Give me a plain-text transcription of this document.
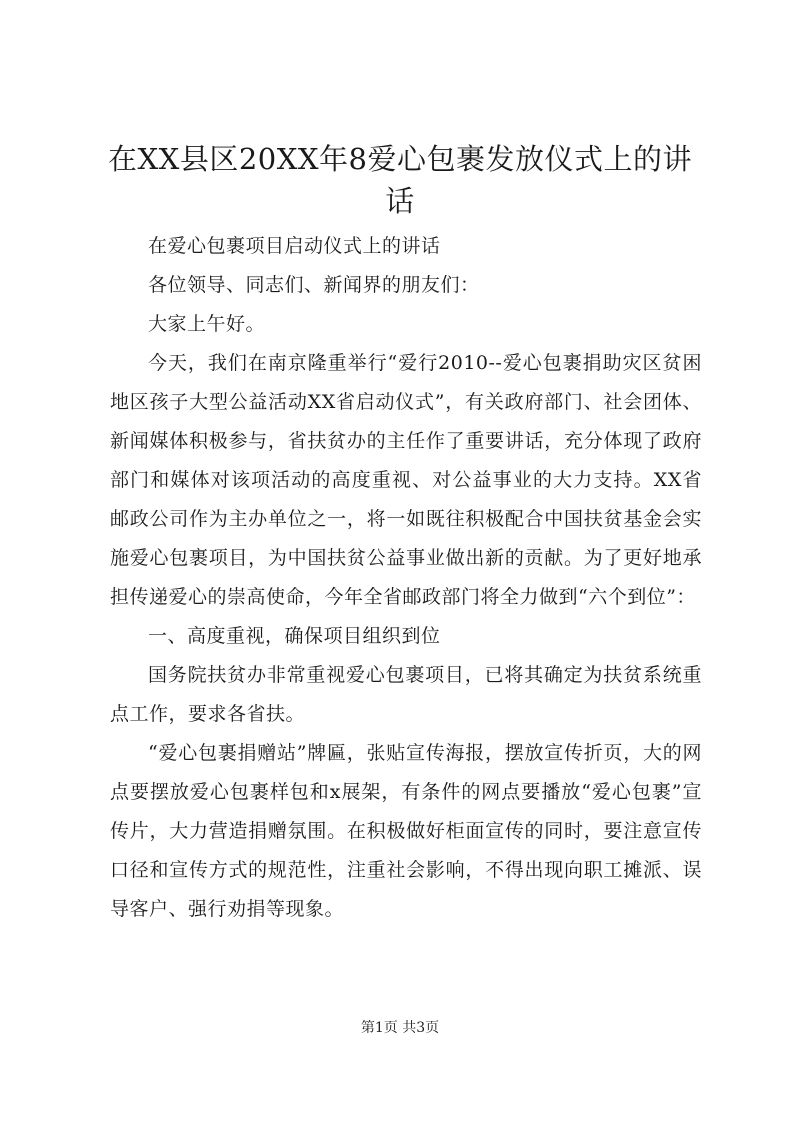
在XX县区20XX年8爱心包裹发放仪式上的讲话

在爱心包裹项目启动仪式上的讲话

各位领导、同志们、新闻界的朋友们：

大家上午好。

今天，我们在南京隆重举行“爱行2010--爱心包裹捐助灾区贫困地区孩子大型公益活动XX省启动仪式”，有关政府部门、社会团体、新闻媒体积极参与，省扶贫办的主任作了重要讲话，充分体现了政府部门和媒体对该项活动的高度重视、对公益事业的大力支持。XX省邮政公司作为主办单位之一，将一如既往积极配合中国扶贫基金会实施爱心包裹项目，为中国扶贫公益事业做出新的贡献。为了更好地承担传递爱心的崇高使命，今年全省邮政部门将全力做到“六个到位”：

一、高度重视，确保项目组织到位

国务院扶贫办非常重视爱心包裹项目，已将其确定为扶贫系统重点工作，要求各省扶。

“爱心包裹捐赠站”牌匾，张贴宣传海报，摆放宣传折页，大的网点要摆放爱心包裹样包和x展架，有条件的网点要播放“爱心包裹”宣传片，大力营造捐赠氛围。在积极做好柜面宣传的同时，要注意宣传口径和宣传方式的规范性，注重社会影响，不得出现向职工摊派、误导客户、强行劝捐等现象。

第1页 共3页
